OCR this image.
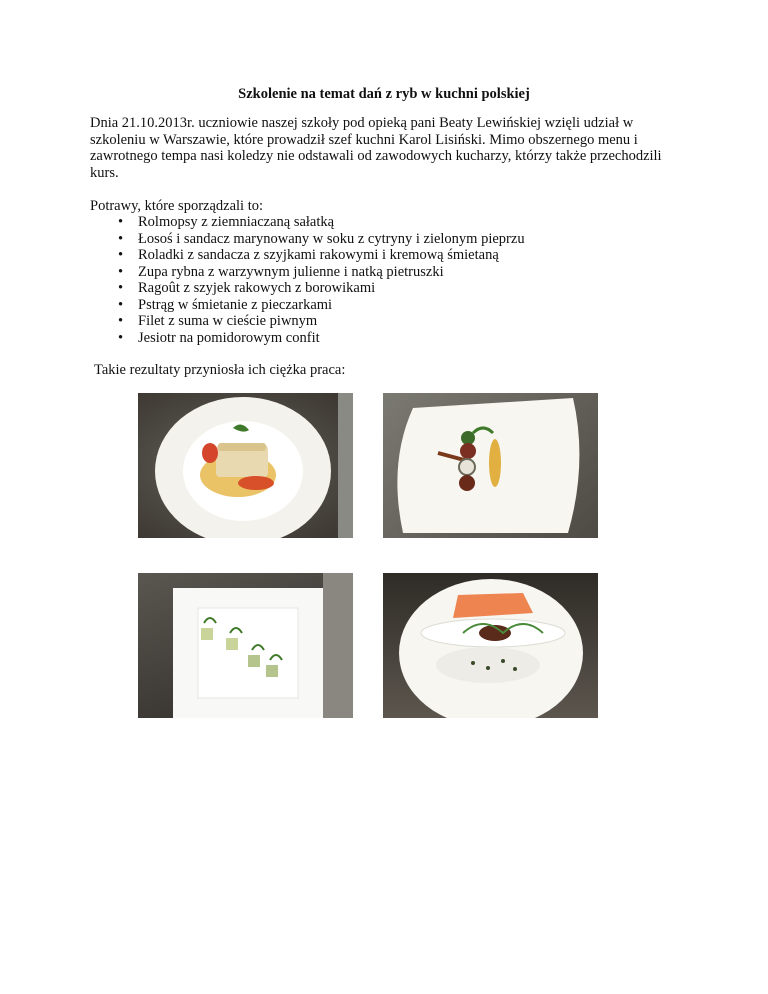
Szkolenie na temat dań z ryb w kuchni polskiej
Dnia 21.10.2013r. uczniowie naszej szkoły pod opieką pani Beaty Lewińskiej wzięli udział w szkoleniu w Warszawie, które prowadził szef kuchni Karol Lisiński. Mimo obszernego menu i zawrotnego tempa nasi koledzy nie odstawali od zawodowych kucharzy, którzy także przechodzili kurs.
Potrawy, które sporządzali to:
• Rolmopsy z ziemniaczaną sałatką
• Łosoś i sandacz marynowany w soku z cytryny i zielonym pieprzu
• Roladki z sandacza z szyjkami rakowymi i kremową śmietaną
• Zupa rybna z warzywnym julienne i natką pietruszki
• Ragoût z szyjek rakowych z borowikami
• Pstrąg w śmietanie z pieczarkami
• Filet z suma w cieście piwnym
• Jesiotr na pomidorowym confit
Takie rezultaty przyniosła ich ciężka praca:
